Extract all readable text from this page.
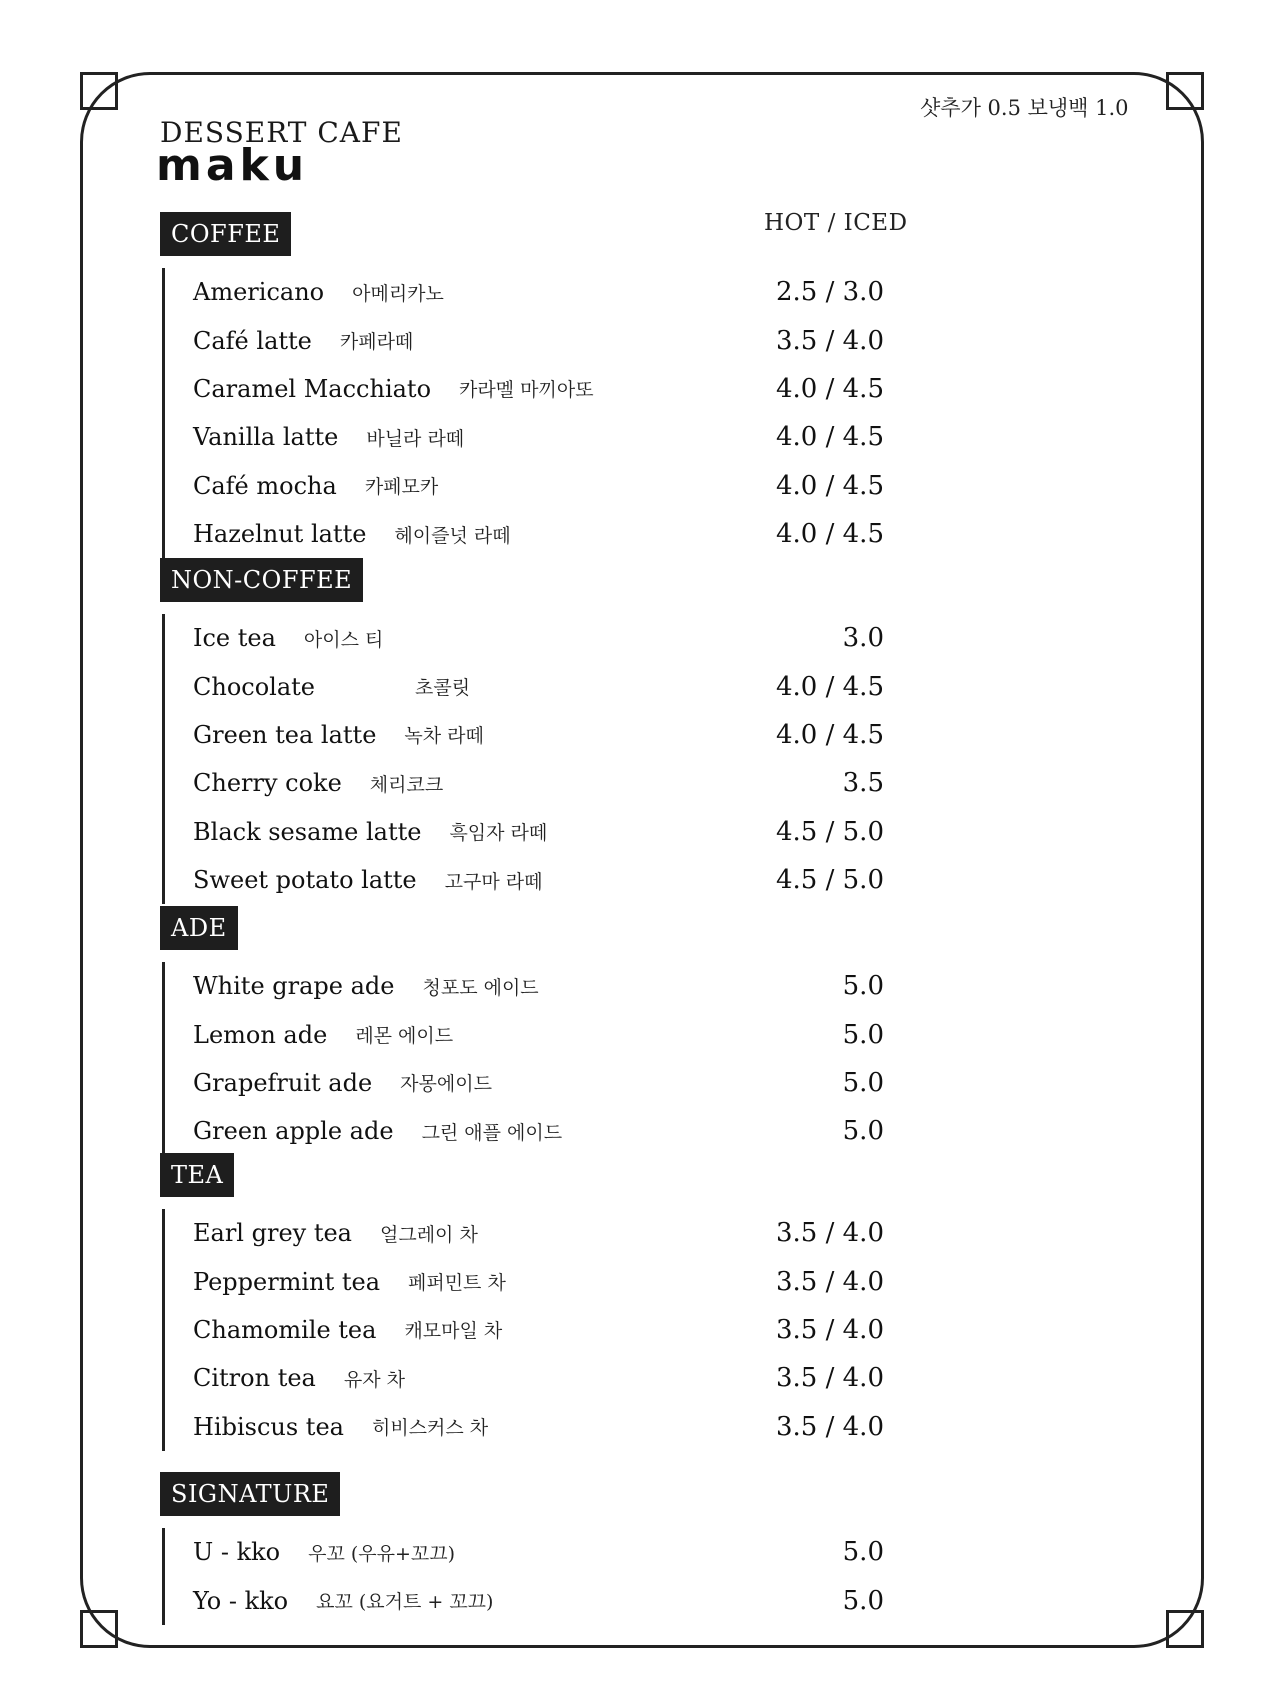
DESSERT CAFE
maku
샷추가 0.5 보냉백 1.0
HOT / ICED
COFFEE
Americano 아메리카노	2.5 / 3.0
Café latte 카페라떼	3.5 / 4.0
Caramel Macchiato 카라멜 마끼아또	4.0 / 4.5
Vanilla latte 바닐라 라떼	4.0 / 4.5
Café mocha 카페모카	4.0 / 4.5
Hazelnut latte 헤이즐넛 라떼	4.0 / 4.5
NON-COFFEE
Ice tea 아이스 티	3.0
Chocolate	초콜릿	4.0 / 4.5
Green tea latte 녹차 라떼	4.0 / 4.5
Cherry coke 체리코크	3.5
Black sesame latte 흑임자 라떼	4.5 / 5.0
Sweet potato latte 고구마 라떼	4.5 / 5.0
ADE
White grape ade 청포도 에이드	5.0
Lemon ade 레몬 에이드	5.0
Grapefruit ade 자몽에이드	5.0
Green apple ade 그린 애플 에이드	5.0
TEA
Earl grey tea 얼그레이 차	3.5 / 4.0
Peppermint tea 페퍼민트 차	3.5 / 4.0
Chamomile tea 캐모마일 차	3.5 / 4.0
Citron tea 유자 차	3.5 / 4.0
Hibiscus tea 히비스커스 차	3.5 / 4.0
SIGNATURE
U - kko 우꼬 (우유+꼬끄)	5.0
Yo - kko 요꼬 (요거트 + 꼬끄)	5.0
